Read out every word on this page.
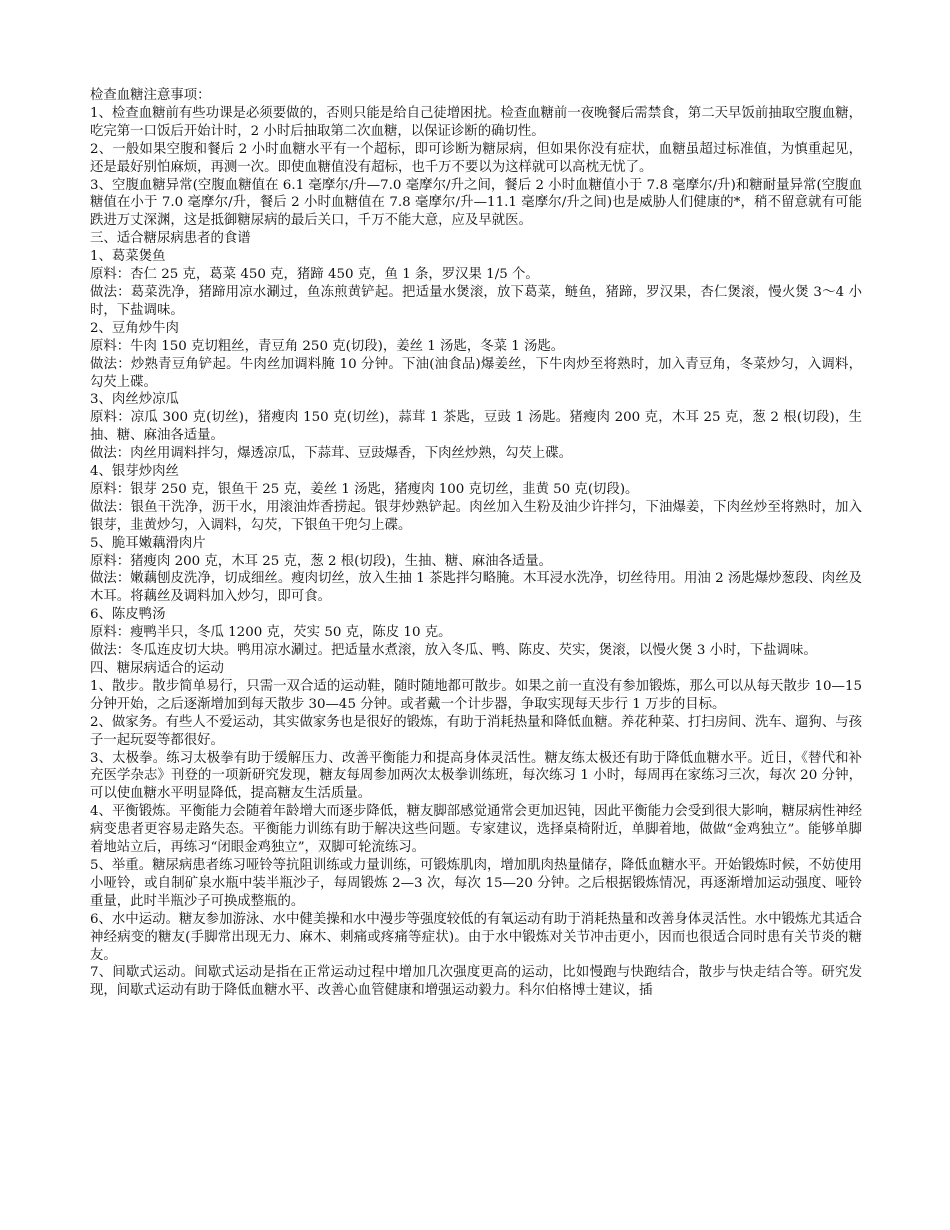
检查血糖注意事项：

1、检查血糖前有些功课是必须要做的，否则只能是给自己徒增困扰。检查血糖前一夜晚餐后需禁食，第二天早饭前抽取空腹血糖，吃完第一口饭后开始计时，2 小时后抽取第二次血糖，以保证诊断的确切性。

2、一般如果空腹和餐后 2 小时血糖水平有一个超标，即可诊断为糖尿病，但如果你没有症状，血糖虽超过标准值，为慎重起见，还是最好别怕麻烦，再测一次。即使血糖值没有超标，也千万不要以为这样就可以高枕无忧了。

3、空腹血糖异常(空腹血糖值在 6.1 毫摩尔/升—7.0 毫摩尔/升之间，餐后 2 小时血糖值小于 7.8 毫摩尔/升)和糖耐量异常(空腹血糖值在小于 7.0 毫摩尔/升，餐后 2 小时血糖值在 7.8 毫摩尔/升—11.1 毫摩尔/升之间)也是威胁人们健康的*，稍不留意就有可能跌进万丈深渊，这是抵御糖尿病的最后关口，千万不能大意，应及早就医。

三、适合糖尿病患者的食谱

1、葛菜煲鱼

原料：杏仁 25 克，葛菜 450 克，猪蹄 450 克，鱼 1 条，罗汉果 1/5 个。

做法：葛菜洗净，猪蹄用凉水涮过，鱼冻煎黄铲起。把适量水煲滚，放下葛菜，鲢鱼，猪蹄，罗汉果，杏仁煲滚，慢火煲 3～4 小时，下盐调味。

2、豆角炒牛肉

原料：牛肉 150 克切粗丝，青豆角 250 克(切段)，姜丝 1 汤匙，冬菜 1 汤匙。

做法：炒熟青豆角铲起。牛肉丝加调料腌 10 分钟。下油(油食品)爆姜丝，下牛肉炒至将熟时，加入青豆角，冬菜炒匀，入调料，勾芡上碟。

3、肉丝炒凉瓜

原料：凉瓜 300 克(切丝)，猪瘦肉 150 克(切丝)，蒜茸 1 茶匙，豆豉 1 汤匙。猪瘦肉 200 克，木耳 25 克，葱 2 根(切段)，生抽、糖、麻油各适量。

做法：肉丝用调料拌匀，爆透凉瓜，下蒜茸、豆豉爆香，下肉丝炒熟，勾芡上碟。

4、银芽炒肉丝

原料：银芽 250 克，银鱼干 25 克，姜丝 1 汤匙，猪瘦肉 100 克切丝，韭黄 50 克(切段)。

做法：银鱼干洗净，沥干水，用滚油炸香捞起。银芽炒熟铲起。肉丝加入生粉及油少许拌匀，下油爆姜，下肉丝炒至将熟时，加入银芽，韭黄炒匀，入调料，勾芡，下银鱼干兜匀上碟。

5、脆耳嫩藕滑肉片

原料：猪瘦肉 200 克，木耳 25 克，葱 2 根(切段)，生抽、糖、麻油各适量。

做法：嫩藕刨皮洗净，切成细丝。瘦肉切丝，放入生抽 1 茶匙拌匀略腌。木耳浸水洗净，切丝待用。用油 2 汤匙爆炒葱段、肉丝及木耳。将藕丝及调料加入炒匀，即可食。

6、陈皮鸭汤

原料：瘦鸭半只，冬瓜 1200 克，芡实 50 克，陈皮 10 克。

做法：冬瓜连皮切大块。鸭用凉水涮过。把适量水煮滚，放入冬瓜、鸭、陈皮、芡实，煲滚，以慢火煲 3 小时，下盐调味。

四、糖尿病适合的运动

1、散步。散步简单易行，只需一双合适的运动鞋，随时随地都可散步。如果之前一直没有参加锻炼，那么可以从每天散步 10—15 分钟开始，之后逐渐增加到每天散步 30—45 分钟。或者戴一个计步器，争取实现每天步行 1 万步的目标。

2、做家务。有些人不爱运动，其实做家务也是很好的锻炼，有助于消耗热量和降低血糖。养花种菜、打扫房间、洗车、遛狗、与孩子一起玩耍等都很好。

3、太极拳。练习太极拳有助于缓解压力、改善平衡能力和提高身体灵活性。糖友练太极还有助于降低血糖水平。近日，《替代和补充医学杂志》刊登的一项新研究发现，糖友每周参加两次太极拳训练班，每次练习 1 小时，每周再在家练习三次，每次 20 分钟，可以使血糖水平明显降低，提高糖友生活质量。

4、平衡锻炼。平衡能力会随着年龄增大而逐步降低，糖友脚部感觉通常会更加迟钝，因此平衡能力会受到很大影响，糖尿病性神经病变患者更容易走路失态。平衡能力训练有助于解决这些问题。专家建议，选择桌椅附近，单脚着地，做做“金鸡独立”。能够单脚着地站立后，再练习“闭眼金鸡独立”，双脚可轮流练习。

5、举重。糖尿病患者练习哑铃等抗阻训练或力量训练，可锻炼肌肉，增加肌肉热量储存，降低血糖水平。开始锻炼时候，不妨使用小哑铃，或自制矿泉水瓶中装半瓶沙子，每周锻炼 2—3 次，每次 15—20 分钟。之后根据锻炼情况，再逐渐增加运动强度、哑铃重量，此时半瓶沙子可换成整瓶的。

6、水中运动。糖友参加游泳、水中健美操和水中漫步等强度较低的有氧运动有助于消耗热量和改善身体灵活性。水中锻炼尤其适合神经病变的糖友(手脚常出现无力、麻木、刺痛或疼痛等症状)。由于水中锻炼对关节冲击更小，因而也很适合同时患有关节炎的糖友。

7、间歇式运动。间歇式运动是指在正常运动过程中增加几次强度更高的运动，比如慢跑与快跑结合，散步与快走结合等。研究发现，间歇式运动有助于降低血糖水平、改善心血管健康和增强运动毅力。科尔伯格博士建议，插
